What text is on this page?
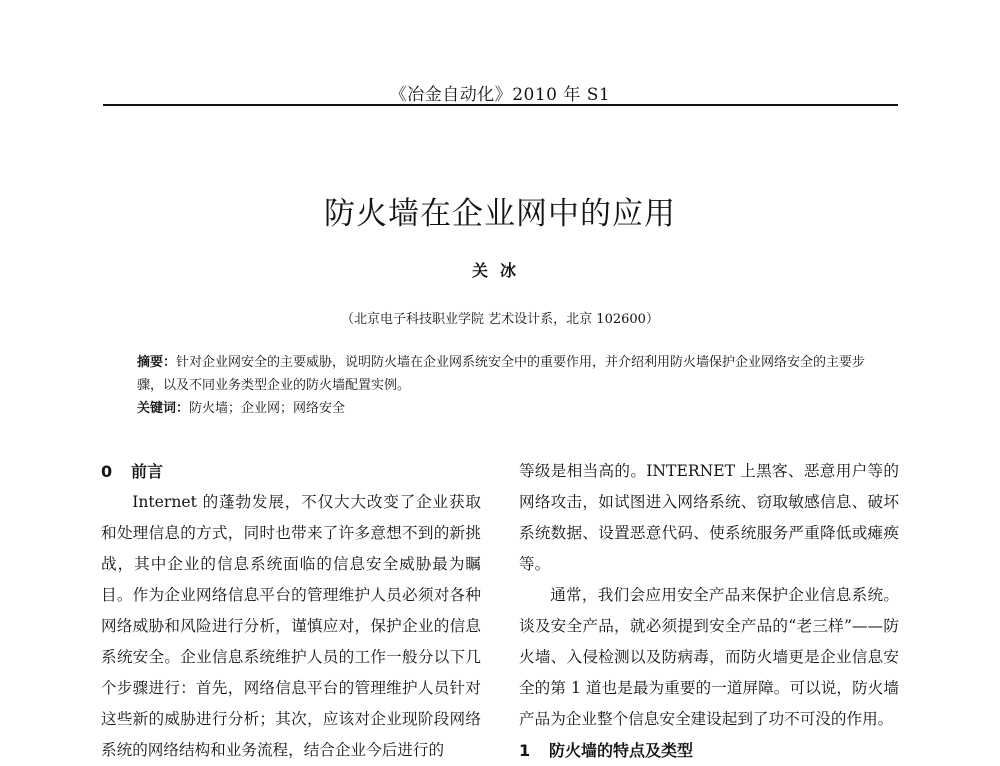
《冶金自动化》2010 年 S1
防火墙在企业网中的应用
关冰
（北京电子科技职业学院 艺术设计系，北京 102600）

摘要：针对企业网安全的主要威胁，说明防火墙在企业网系统安全中的重要作用，并介绍利用防火墙保护企业网络安全的主要步骤，以及不同业务类型企业的防火墙配置实例。

关键词：防火墙；企业网；网络安全

0 前言

Internet 的蓬勃发展，不仅大大改变了企业获取和处理信息的方式，同时也带来了许多意想不到的新挑战，其中企业的信息系统面临的信息安全威胁最为瞩目。作为企业网络信息平台的管理维护人员必须对各种网络威胁和风险进行分析，谨慎应对，保护企业的信息系统安全。企业信息系统维护人员的工作一般分以下几个步骤进行：首先，网络信息平台的管理维护人员针对这些新的威胁进行分析；其次，应该对企业现阶段网络系统的网络结构和业务流程，结合企业今后进行的

等级是相当高的。INTERNET 上黑客、恶意用户等的网络攻击，如试图进入网络系统、窃取敏感信息、破坏系统数据、设置恶意代码、使系统服务严重降低或瘫痪等。

通常，我们会应用安全产品来保护企业信息系统。谈及安全产品，就必须提到安全产品的“老三样”——防火墙、入侵检测以及防病毒，而防火墙更是企业信息安全的第 1 道也是最为重要的一道屏障。可以说，防火墙产品为企业整个信息安全建设起到了功不可没的作用。

1 防火墙的特点及类型
